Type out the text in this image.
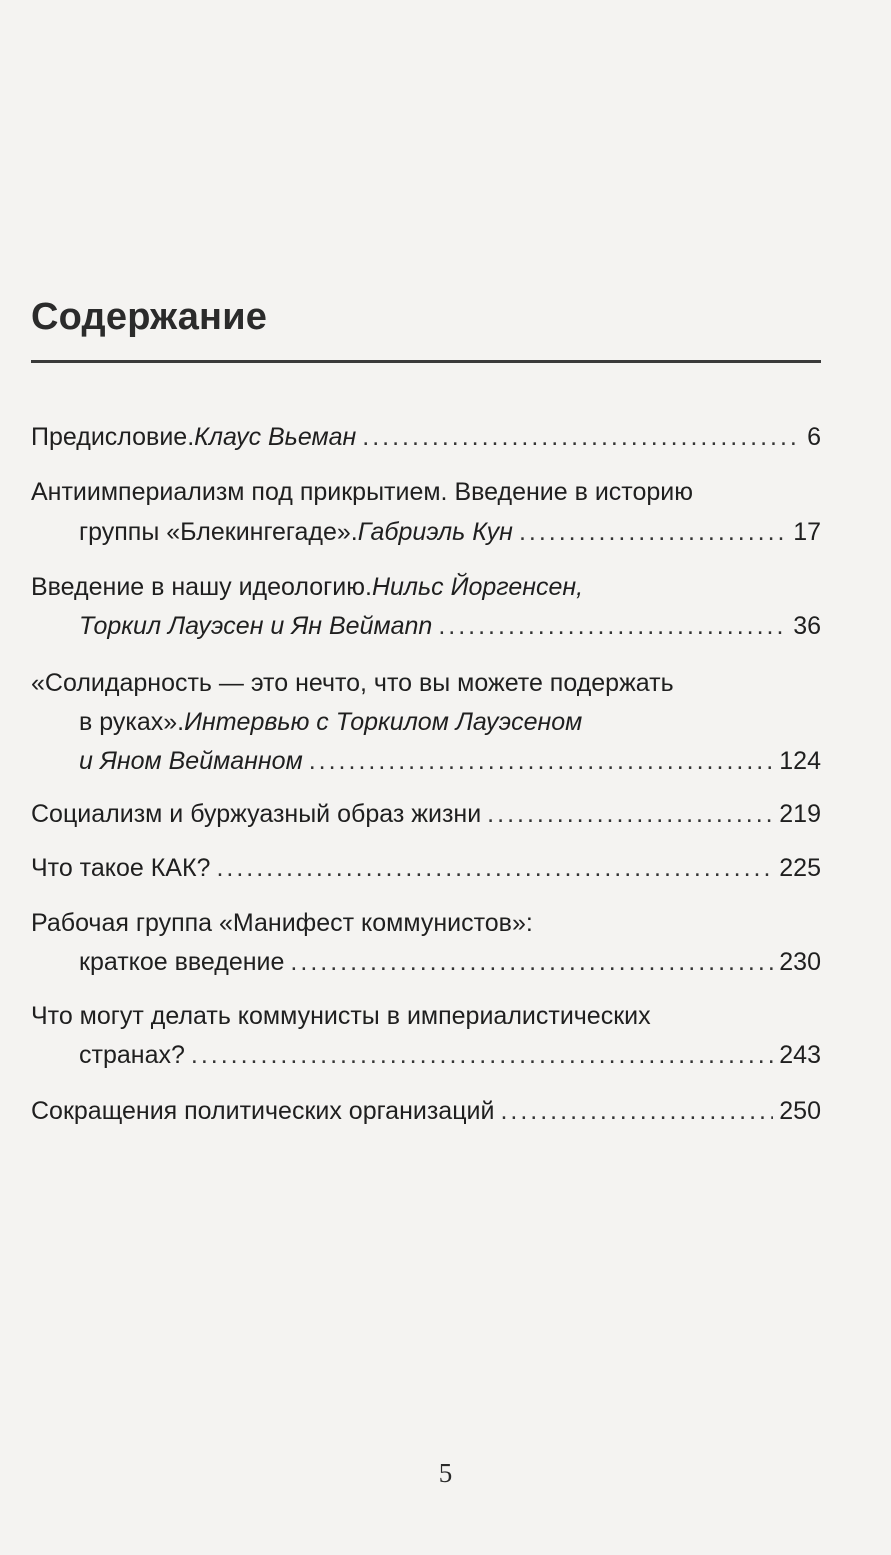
Содержание
Предисловие. Клаус Вьеман .....	6
Антиимпериализм под прикрытием. Введение в историю
группы «Блекингегаде». Габриэль Кун .....	17
Введение в нашу идеологию. Нильс Йоргенсен,
Торкил Лауэсен и Ян Веймann .....	36
«Солидарность — это нечто, что вы можете подержать
в руках». Интервью с Торкилом Лауэсеном
и Яном Вейманном .....	124
Социализм и буржуазный образ жизни .....	219
Что такое КАК? .....	225
Рабочая группа «Манифест коммунистов»:
краткое введение .....	230
Что могут делать коммунисты в империалистических
странах? .....	243
Сокращения политических организаций .....	250
5
